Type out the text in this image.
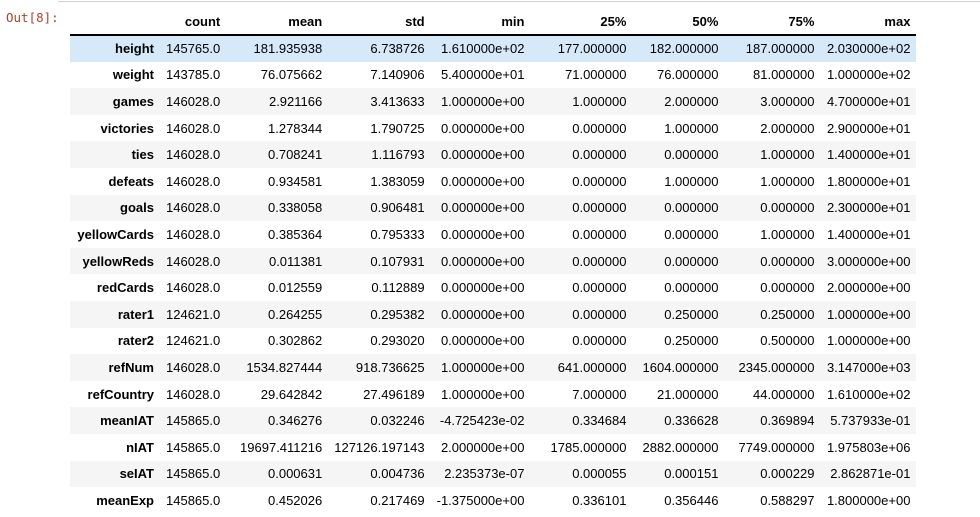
Out[8]:
		count	mean	std	min	25%	50%	75%	max
height	145765.0	181.935938	6.738726	1.610000e+02	177.000000	182.000000	187.000000	2.030000e+02
weight	143785.0	76.075662	7.140906	5.400000e+01	71.000000	76.000000	81.000000	1.000000e+02
games	146028.0	2.921166	3.413633	1.000000e+00	1.000000	2.000000	3.000000	4.700000e+01
victories	146028.0	1.278344	1.790725	0.000000e+00	0.000000	1.000000	2.000000	2.900000e+01
ties	146028.0	0.708241	1.116793	0.000000e+00	0.000000	0.000000	1.000000	1.400000e+01
defeats	146028.0	0.934581	1.383059	0.000000e+00	0.000000	1.000000	1.000000	1.800000e+01
goals	146028.0	0.338058	0.906481	0.000000e+00	0.000000	0.000000	0.000000	2.300000e+01
yellowCards	146028.0	0.385364	0.795333	0.000000e+00	0.000000	0.000000	1.000000	1.400000e+01
yellowReds	146028.0	0.011381	0.107931	0.000000e+00	0.000000	0.000000	0.000000	3.000000e+00
redCards	146028.0	0.012559	0.112889	0.000000e+00	0.000000	0.000000	0.000000	2.000000e+00
rater1	124621.0	0.264255	0.295382	0.000000e+00	0.000000	0.250000	0.250000	1.000000e+00
rater2	124621.0	0.302862	0.293020	0.000000e+00	0.000000	0.250000	0.500000	1.000000e+00
refNum	146028.0	1534.827444	918.736625	1.000000e+00	641.000000	1604.000000	2345.000000	3.147000e+03
refCountry	146028.0	29.642842	27.496189	1.000000e+00	7.000000	21.000000	44.000000	1.610000e+02
meanIAT	145865.0	0.346276	0.032246	-4.725423e-02	0.334684	0.336628	0.369894	5.737933e-01
nIAT	145865.0	19697.411216	127126.197143	2.000000e+00	1785.000000	2882.000000	7749.000000	1.975803e+06
seIAT	145865.0	0.000631	0.004736	2.235373e-07	0.000055	0.000151	0.000229	2.862871e-01
meanExp	145865.0	0.452026	0.217469	-1.375000e+00	0.336101	0.356446	0.588297	1.800000e+00
